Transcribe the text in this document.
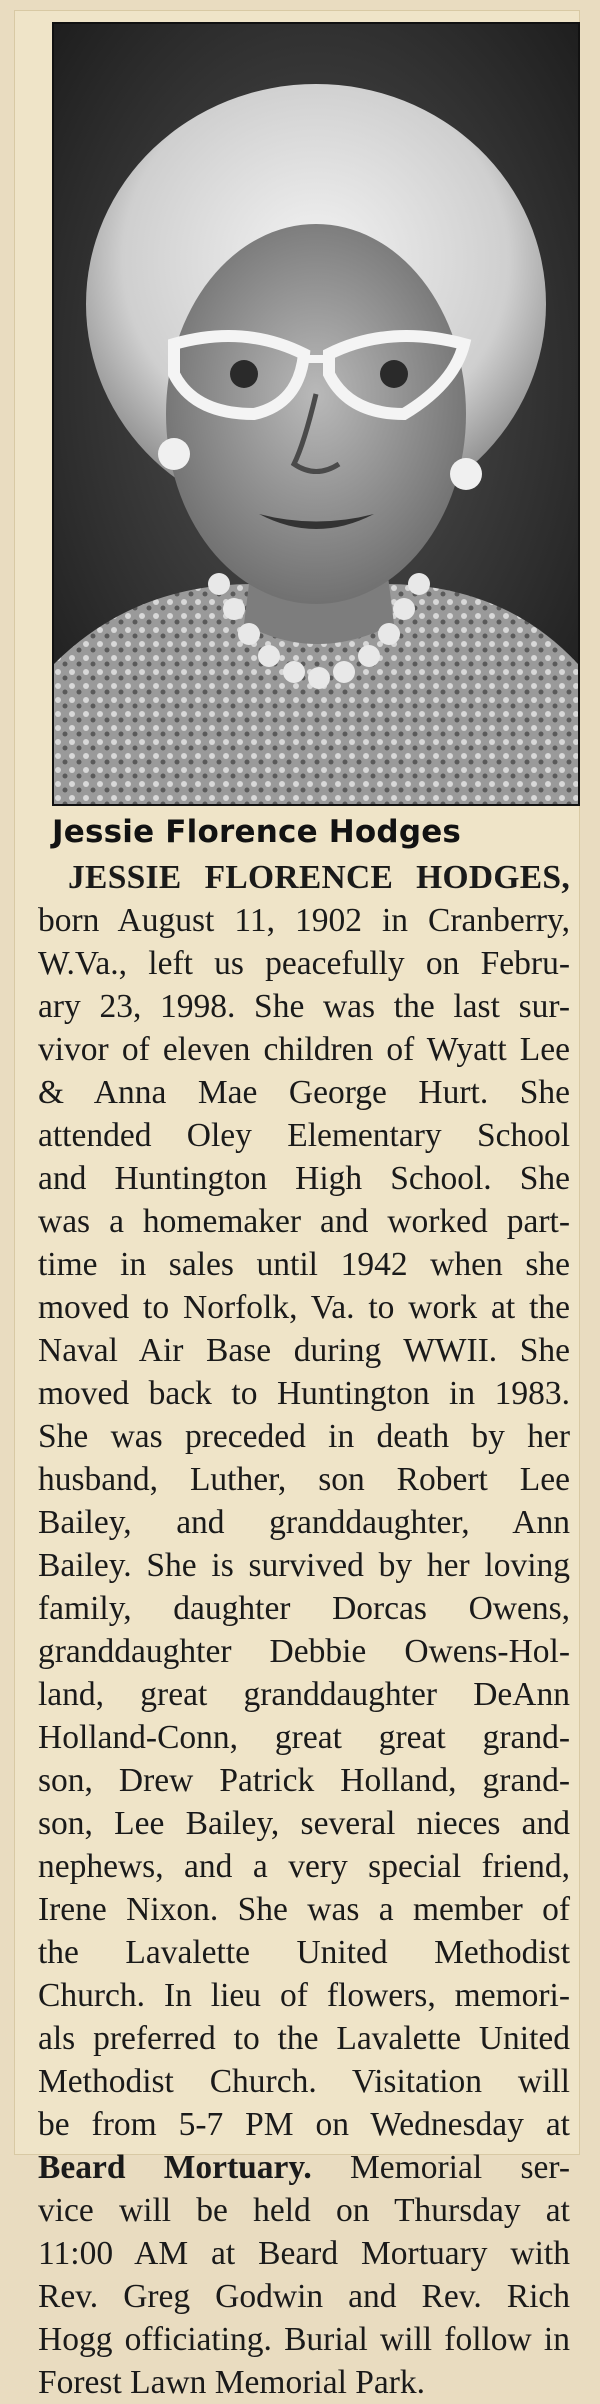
Jessie Florence Hodges
JESSIE FLORENCE HODGES,
born August 11, 1902 in Cranberry,
W.Va., left us peacefully on Febru-
ary 23, 1998. She was the last sur-
vivor of eleven children of Wyatt Lee
& Anna Mae George Hurt. She
attended Oley Elementary School
and Huntington High School. She
was a homemaker and worked part-
time in sales until 1942 when she
moved to Norfolk, Va. to work at the
Naval Air Base during WWII. She
moved back to Huntington in 1983.
She was preceded in death by her
husband, Luther, son Robert Lee
Bailey, and granddaughter, Ann
Bailey. She is survived by her loving
family, daughter Dorcas Owens,
granddaughter Debbie Owens-Hol-
land, great granddaughter DeAnn
Holland-Conn, great great grand-
son, Drew Patrick Holland, grand-
son, Lee Bailey, several nieces and
nephews, and a very special friend,
Irene Nixon. She was a member of
the Lavalette United Methodist
Church. In lieu of flowers, memori-
als preferred to the Lavalette United
Methodist Church. Visitation will
be from 5-7 PM on Wednesday at
Beard Mortuary. Memorial ser-
vice will be held on Thursday at
11:00 AM at Beard Mortuary with
Rev. Greg Godwin and Rev. Rich
Hogg officiating. Burial will follow in
Forest Lawn Memorial Park.
